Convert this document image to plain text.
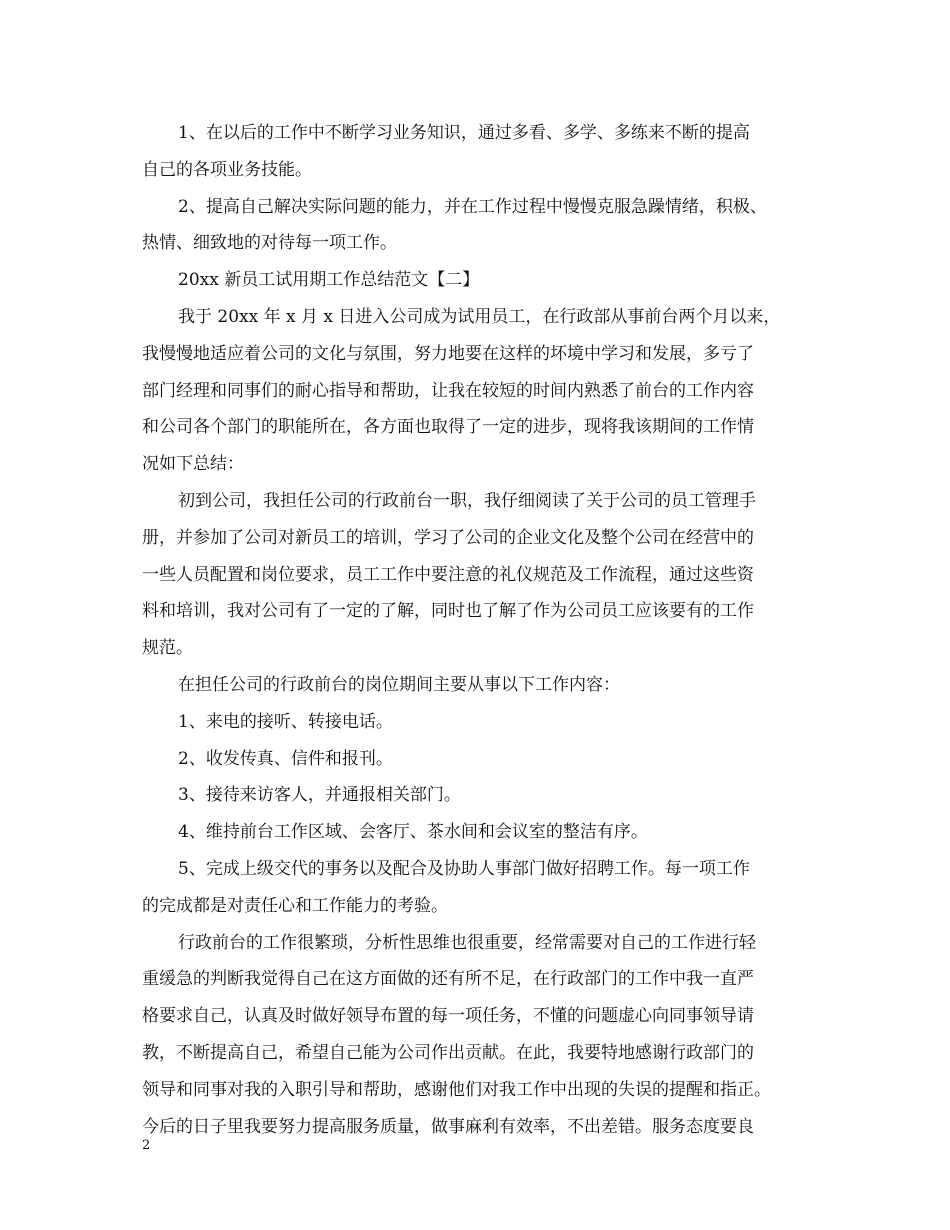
1、在以后的工作中不断学习业务知识，通过多看、多学、多练来不断的提高
自己的各项业务技能。

2、提高自己解决实际问题的能力，并在工作过程中慢慢克服急躁情绪，积极、
热情、细致地的对待每一项工作。

20xx 新员工试用期工作总结范文【二】

我于 20xx 年 x 月 x 日进入公司成为试用员工，在行政部从事前台两个月以来，
我慢慢地适应着公司的文化与氛围，努力地要在这样的坏境中学习和发展，多亏了
部门经理和同事们的耐心指导和帮助，让我在较短的时间内熟悉了前台的工作内容
和公司各个部门的职能所在，各方面也取得了一定的进步，现将我该期间的工作情
况如下总结：

初到公司，我担任公司的行政前台一职，我仔细阅读了关于公司的员工管理手
册，并参加了公司对新员工的培训，学习了公司的企业文化及整个公司在经营中的
一些人员配置和岗位要求，员工工作中要注意的礼仪规范及工作流程，通过这些资
料和培训，我对公司有了一定的了解，同时也了解了作为公司员工应该要有的工作
规范。

在担任公司的行政前台的岗位期间主要从事以下工作内容：

1、来电的接听、转接电话。

2、收发传真、信件和报刊。

3、接待来访客人，并通报相关部门。

4、维持前台工作区域、会客厅、茶水间和会议室的整洁有序。

5、完成上级交代的事务以及配合及协助人事部门做好招聘工作。每一项工作
的完成都是对责任心和工作能力的考验。

行政前台的工作很繁琐，分析性思维也很重要，经常需要对自己的工作进行轻
重缓急的判断我觉得自己在这方面做的还有所不足，在行政部门的工作中我一直严
格要求自己，认真及时做好领导布置的每一项任务，不懂的问题虚心向同事领导请
教，不断提高自己，希望自己能为公司作出贡献。在此，我要特地感谢行政部门的
领导和同事对我的入职引导和帮助，感谢他们对我工作中出现的失误的提醒和指正。
今后的日子里我要努力提高服务质量，做事麻利有效率，不出差错。服务态度要良

2
